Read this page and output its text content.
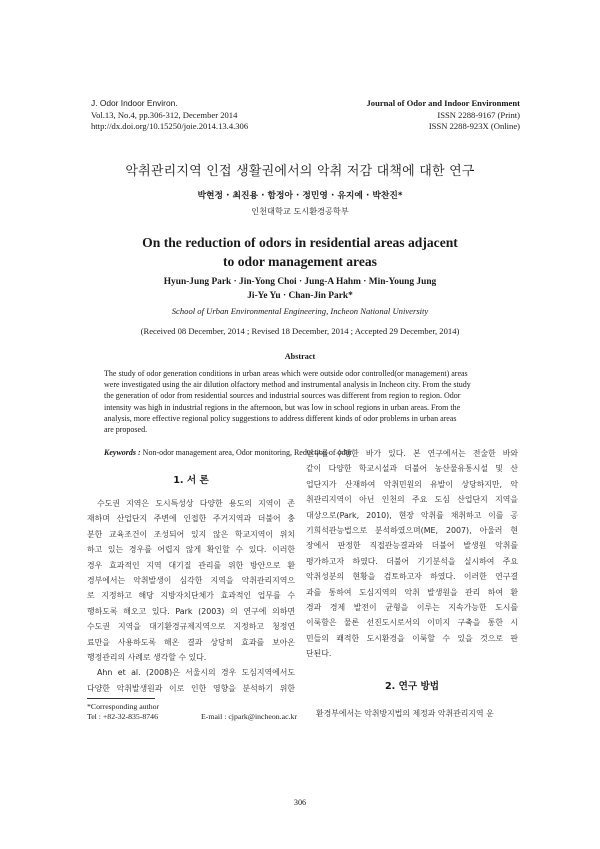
J. Odor Indoor Environ.
Vol.13, No.4, pp.306-312, December 2014
http://dx.doi.org/10.15250/joie.2014.13.4.306
Journal of Odor and Indoor Environment
ISSN 2288-9167 (Print)
ISSN 2288-923X (Online)
악취관리지역 인접 생활권에서의 악취 저감 대책에 대한 연구
박현정 · 최진용 · 함정아 · 정민영 · 유지예 · 박찬진*
인천대학교 도시환경공학부
On the reduction of odors in residential areas adjacent
to odor management areas
Hyun-Jung Park · Jin-Yong Choi · Jung-A Hahm · Min-Young Jung
Ji-Ye Yu · Chan-Jin Park*
School of Urban Environmental Engineering, Incheon National University
(Received 08 December, 2014 ; Revised 18 December, 2014 ; Accepted 29 December, 2014)
Abstract
The study of odor generation conditions in urban areas which were outside odor controlled(or management) areas
were investigated using the air dilution olfactory method and instrumental analysis in Incheon city. From the study
the generation of odor from residential sources and industrial sources was different from region to region. Odor
intensity was high in industrial regions in the afternoon, but was low in school regions in urban areas. From the
analysis, more effective regional policy suggestions to address different kinds of odor problems in urban areas
are proposed.
Keywords : Non-odor management area, Odor monitoring, Reduction of odor
1. 서 론
수도권 지역은 도시특성상 다양한 용도의 지역이 존
재하며 산업단지 주변에 인접한 주거지역과 더불어 충
분한 교육조건이 조성되어 있지 않은 학교지역이 위치
하고 있는 경우를 어렵지 않게 확인할 수 있다. 이러한
경우 효과적인 지역 대기질 관리를 위한 방안으로 환
경부에서는 악취발생이 심각한 지역을 악취관리지역으
로 지정하고 해당 지방자치단체가 효과적인 업무를 수
행하도록 해오고 있다. Park (2003) 의 연구에 의하면
수도권 지역을 대기환경규제지역으로 지정하고 청정연
료만을 사용하도록 해온 결과 상당히 효과를 보아온
행정관리의 사례로 생각할 수 있다.
Ahn et al. (2008)은 서울시의 경우 도심지역에서도
다양한 악취발생원과 이로 인한 영향을 분석하기 위한
연구를 수행한 바가 있다. 본 연구에서는 전술한 바와
같이 다양한 학교시설과 더불어 농산물유통시설 및 산
업단지가 산재하여 악취민원의 유발이 상당하지만, 악
취관리지역이 아닌 인천의 주요 도심 산업단지 지역을
대상으로(Park, 2010), 현장 악취를 채취하고 이를 공
기희석관능법으로 분석하였으며(ME, 2007), 아울러 현
장에서 판정한 직접관능결과와 더불어 발생원 악취를
평가하고자 하였다. 더불어 기기분석을 실시하여 주요
악취성분의 현황을 검토하고자 하였다. 이러한 연구결
과를 통하여 도심지역의 악취 발생원을 관리 하여 환
경과 경제 발전이 균형을 이루는 지속가능한 도시를
이룩함은 물론 선진도시로서의 이미지 구축을 통한 시
민들의 쾌적한 도시환경을 이룩할 수 있을 것으로 판
단된다.
2. 연구 방법
환경부에서는 악취방지법의 제정과 악취관리지역 운
*Corresponding author
Tel : +82-32-835-8746	E-mail : cjpark@incheon.ac.kr
306
